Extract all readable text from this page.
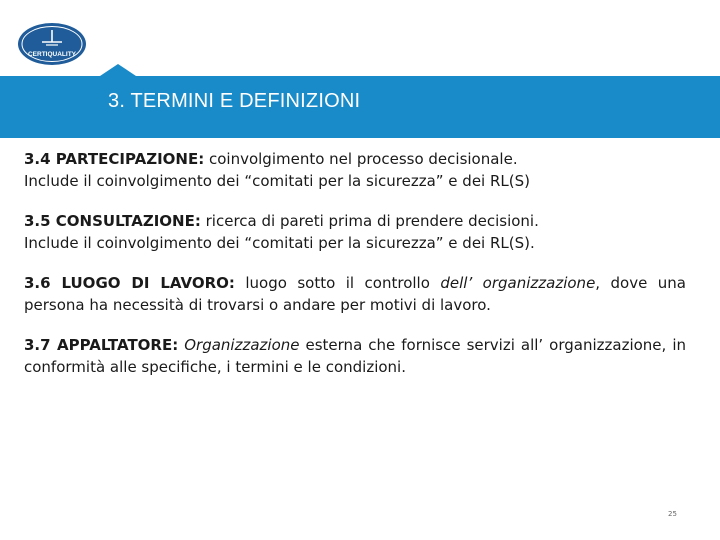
CERTIQUALITY
3. TERMINI E DEFINIZIONI

3.4 PARTECIPAZIONE: coinvolgimento nel processo decisionale.
Include il coinvolgimento dei “comitati per la sicurezza” e dei RL(S)

3.5 CONSULTAZIONE: ricerca di pareti prima di prendere decisioni.
Include il coinvolgimento dei “comitati per la sicurezza” e dei RL(S).

3.6 LUOGO DI LAVORO: luogo sotto il controllo dell’ organizzazione, dove una persona ha necessità di trovarsi o andare per motivi di lavoro.

3.7 APPALTATORE: Organizzazione esterna che fornisce servizi all’ organizzazione, in conformità alle specifiche, i termini e le condizioni.

25
